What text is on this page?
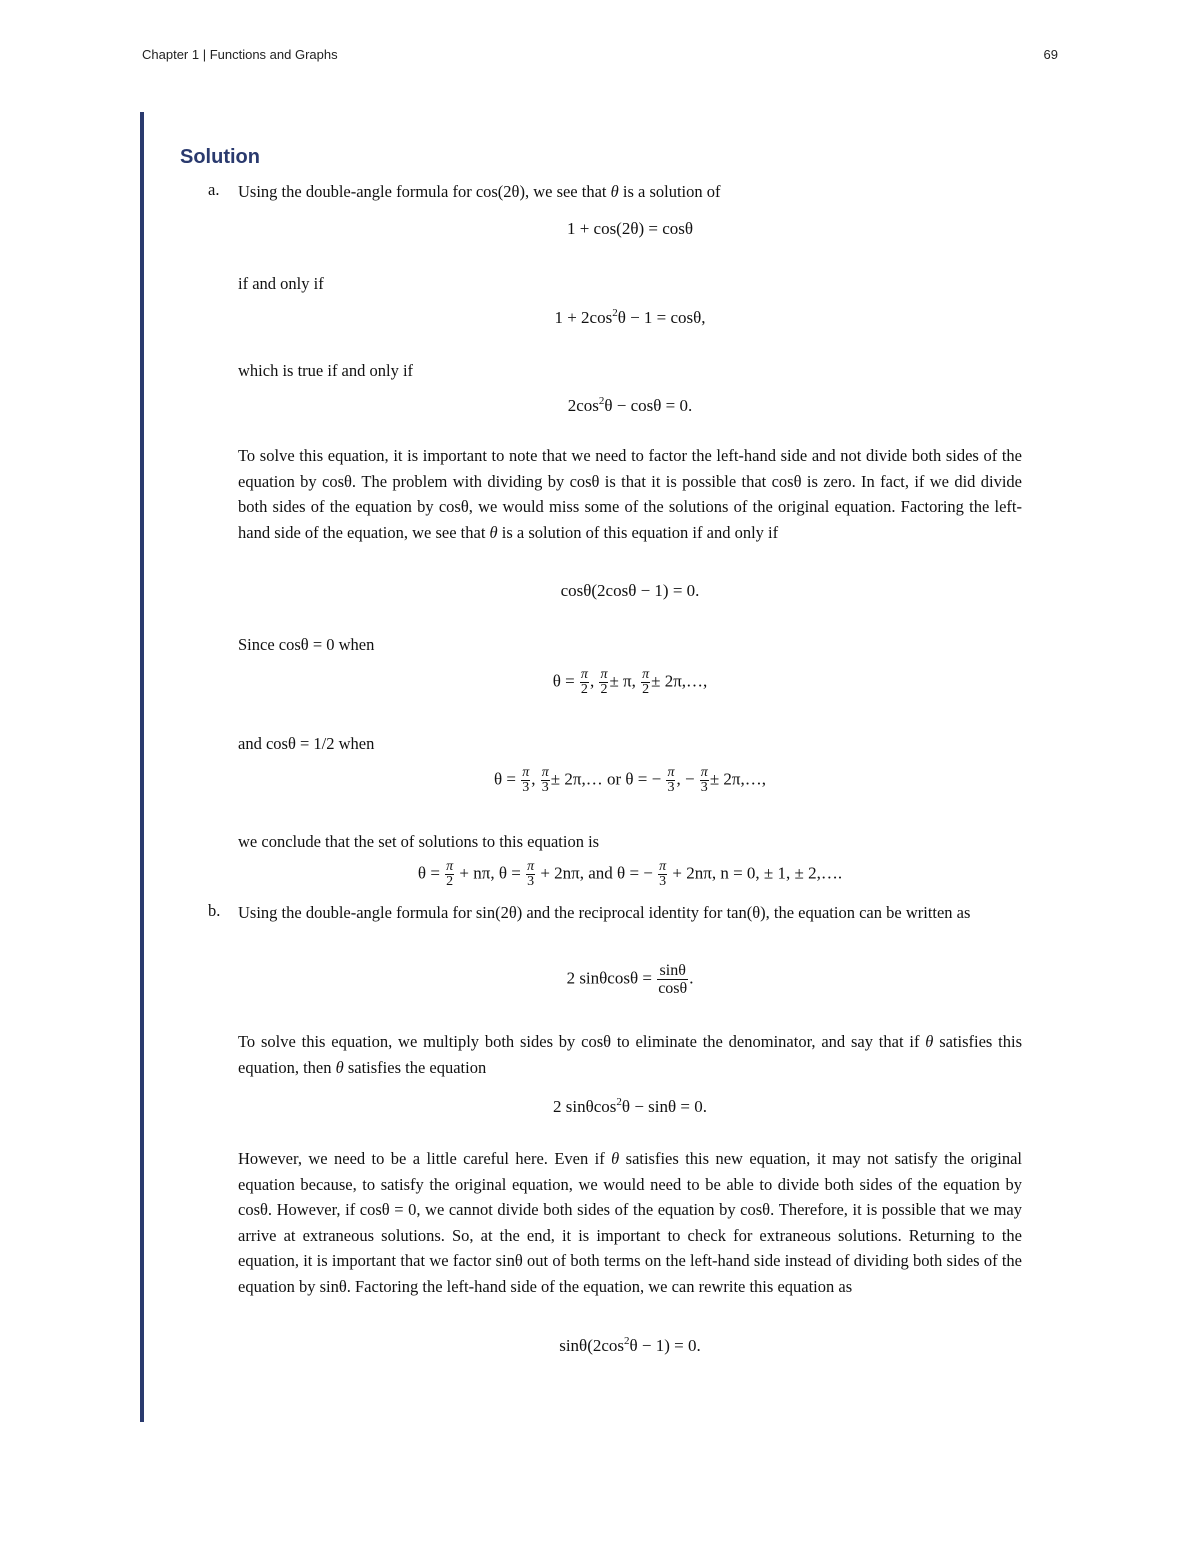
Chapter 1 | Functions and Graphs	69
Solution
a. Using the double-angle formula for cos(2θ), we see that θ is a solution of
1 + cos(2θ) = cosθ
if and only if
$1 + 2\cos^2\theta - 1 = \cos\theta$,
which is true if and only if
$2\cos^2\theta - \cos\theta = 0$.
To solve this equation, it is important to note that we need to factor the left-hand side and not divide both sides of the equation by cosθ. The problem with dividing by cosθ is that it is possible that cosθ is zero. In fact, if we did divide both sides of the equation by cosθ, we would miss some of the solutions of the original equation. Factoring the left-hand side of the equation, we see that θ is a solution of this equation if and only if
cosθ(2cosθ − 1) = 0.
Since cosθ = 0 when
$\theta = \frac{\pi}{2}$ , $\frac{\pi}{2} \pm \pi$, $\frac{\pi}{2}$ ± 2π,…,
and cosθ = 1/2 when
$\theta = \frac{\pi}{3}$ , $\frac{\pi}{3}$ ± 2π,… or θ = − $\frac{\pi}{3}$ , − $\frac{\pi}{3}$ ± 2π,…,
we conclude that the set of solutions to this equation is
$\theta = \frac{\pi}{2} + n\pi$, $\theta = \frac{\pi}{3} + 2n\pi$, and θ = − $\frac{\pi}{3} + 2n\pi$, n = 0, ± 1, ± 2,….
b. Using the double-angle formula for sin(2θ) and the reciprocal identity for tan(θ), the equation can be written as
2 $\sin\theta\cos\theta = \frac{\sin\theta}{\cos\theta}$ .
To solve this equation, we multiply both sides by cosθ to eliminate the denominator, and say that if θ satisfies this equation, then θ satisfies the equation
2 sinθcos$^2$θ − sinθ = 0.
However, we need to be a little careful here. Even if θ satisfies this new equation, it may not satisfy the original equation because, to satisfy the original equation, we would need to be able to divide both sides of the equation by cosθ. However, if cosθ = 0, we cannot divide both sides of the equation by cosθ. Therefore, it is possible that we may arrive at extraneous solutions. So, at the end, it is important to check for extraneous solutions. Returning to the equation, it is important that we factor sinθ out of both terms on the left-hand side instead of dividing both sides of the equation by sinθ. Factoring the left-hand side of the equation, we can rewrite this equation as
$\sin\theta(2\cos^2\theta - 1) = 0$.
